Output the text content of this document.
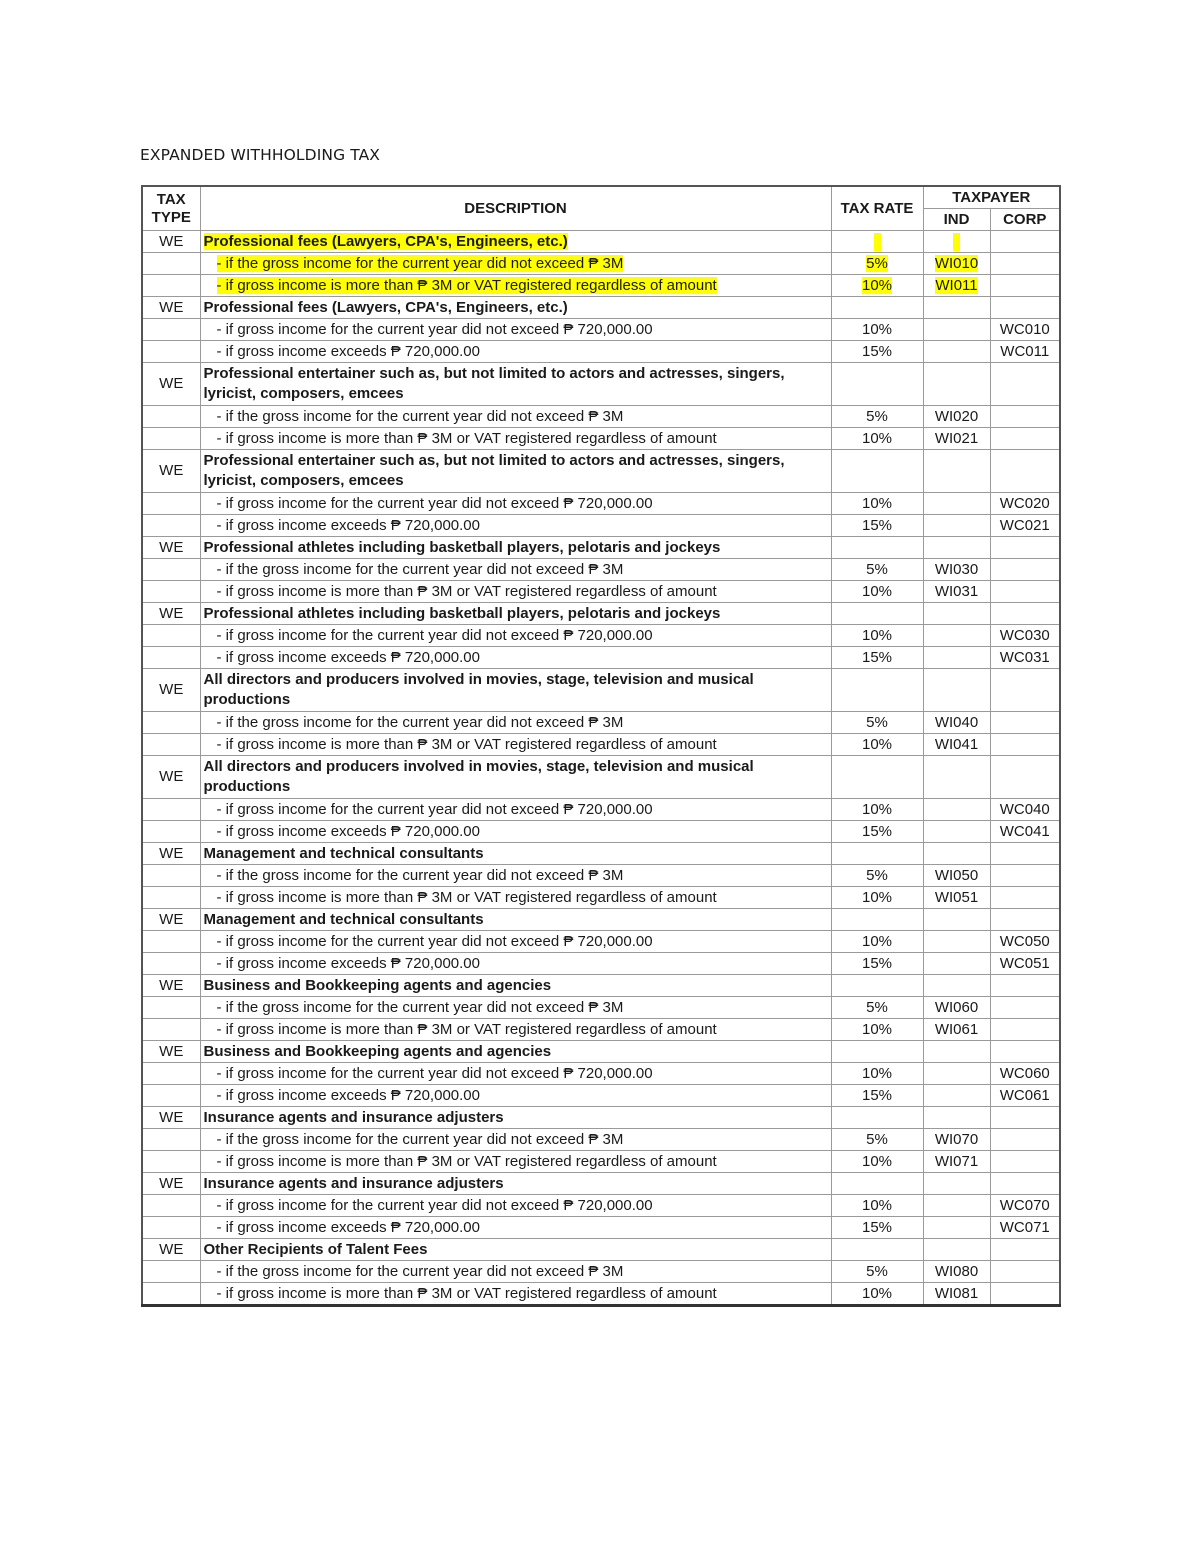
EXPANDED WITHHOLDING TAX
TAX TYPE	DESCRIPTION	TAX RATE	TAXPAYER	
			IND	CORP
WE	Professional fees (Lawyers, CPA's, Engineers, etc.)			
	- if the gross income for the current year did not exceed ₱ 3M	5%	WI010	
	- if gross income is more than ₱ 3M or VAT registered regardless of amount	10%	WI011	
WE	Professional fees (Lawyers, CPA's, Engineers, etc.)			
	- if gross income for the current year did not exceed ₱ 720,000.00	10%		WC010
	- if gross income exceeds ₱ 720,000.00	15%		WC011
WE	Professional entertainer such as, but not limited to actors and actresses, singers, lyricist, composers, emcees			
	- if the gross income for the current year did not exceed ₱ 3M	5%	WI020	
	- if gross income is more than ₱ 3M or VAT registered regardless of amount	10%	WI021	
WE	Professional entertainer such as, but not limited to actors and actresses, singers, lyricist, composers, emcees			
	- if gross income for the current year did not exceed ₱ 720,000.00	10%		WC020
	- if gross income exceeds ₱ 720,000.00	15%		WC021
WE	Professional athletes including basketball players, pelotaris and jockeys			
	- if the gross income for the current year did not exceed ₱ 3M	5%	WI030	
	- if gross income is more than ₱ 3M or VAT registered regardless of amount	10%	WI031	
WE	Professional athletes including basketball players, pelotaris and jockeys			
	- if gross income for the current year did not exceed ₱ 720,000.00	10%		WC030
	- if gross income exceeds ₱ 720,000.00	15%		WC031
WE	All directors and producers involved in movies, stage, television and musical productions			
	- if the gross income for the current year did not exceed ₱ 3M	5%	WI040	
	- if gross income is more than ₱ 3M or VAT registered regardless of amount	10%	WI041	
WE	All directors and producers involved in movies, stage, television and musical productions			
	- if gross income for the current year did not exceed ₱ 720,000.00	10%		WC040
	- if gross income exceeds ₱ 720,000.00	15%		WC041
WE	Management and technical consultants			
	- if the gross income for the current year did not exceed ₱ 3M	5%	WI050	
	- if gross income is more than ₱ 3M or VAT registered regardless of amount	10%	WI051	
WE	Management and technical consultants			
	- if gross income for the current year did not exceed ₱ 720,000.00	10%		WC050
	- if gross income exceeds ₱ 720,000.00	15%		WC051
WE	Business and Bookkeeping agents and agencies			
	- if the gross income for the current year did not exceed ₱ 3M	5%	WI060	
	- if gross income is more than ₱ 3M or VAT registered regardless of amount	10%	WI061	
WE	Business and Bookkeeping agents and agencies			
	- if gross income for the current year did not exceed ₱ 720,000.00	10%		WC060
	- if gross income exceeds ₱ 720,000.00	15%		WC061
WE	Insurance agents and insurance adjusters			
	- if the gross income for the current year did not exceed ₱ 3M	5%	WI070	
	- if gross income is more than ₱ 3M or VAT registered regardless of amount	10%	WI071	
WE	Insurance agents and insurance adjusters			
	- if gross income for the current year did not exceed ₱ 720,000.00	10%		WC070
	- if gross income exceeds ₱ 720,000.00	15%		WC071
WE	Other Recipients of Talent Fees			
	- if the gross income for the current year did not exceed ₱ 3M	5%	WI080	
	- if gross income is more than ₱ 3M or VAT registered regardless of amount	10%	WI081	
